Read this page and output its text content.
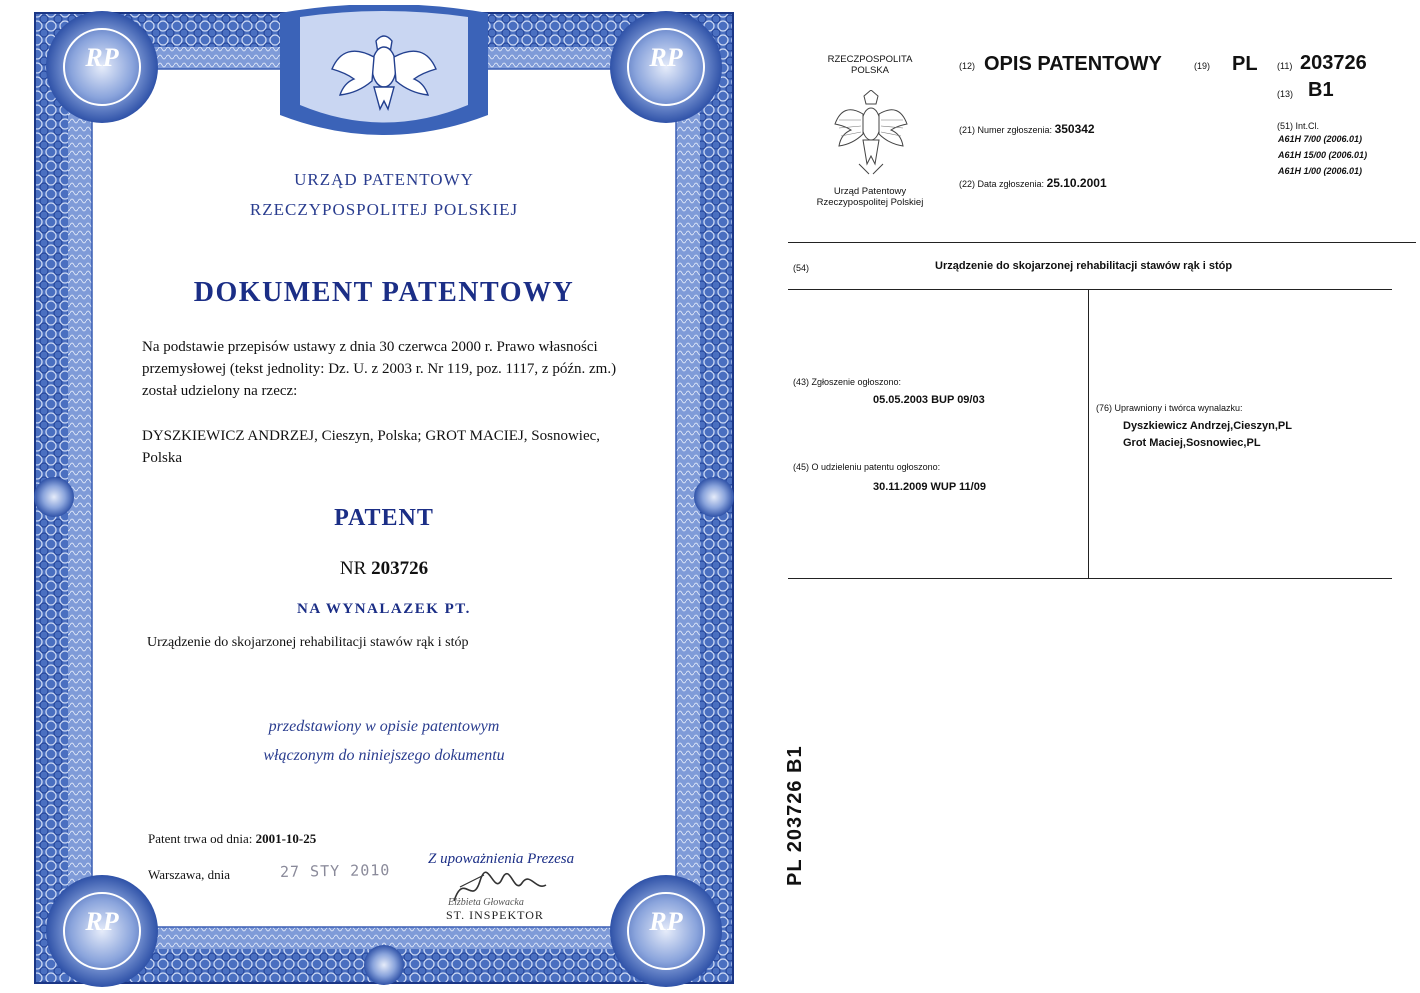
RP	RP
RP	RP
URZĄD PATENTOWY
RZECZYPOSPOLITEJ POLSKIEJ
DOKUMENT PATENTOWY
Na podstawie przepisów ustawy z dnia 30 czerwca 2000 r. Prawo własności przemysłowej (tekst jednolity: Dz. U. z 2003 r. Nr 119, poz. 1117, z późn. zm.) został udzielony na rzecz:
DYSZKIEWICZ ANDRZEJ, Cieszyn, Polska; GROT MACIEJ, Sosnowiec, Polska
PATENT
NR 203726
NA WYNALAZEK PT.
Urządzenie do skojarzonej rehabilitacji stawów rąk i stóp
przedstawiony w opisie patentowym
włączonym do niniejszego dokumentu
Patent trwa od dnia: 2001-10-25
Warszawa, dnia	27 STY 2010
Z upoważnienia Prezesa
Elżbieta Głowacka
ST. INSPEKTOR
RZECZPOSPOLITA
POLSKA
Urząd Patentowy
Rzeczypospolitej Polskiej
(12) OPIS PATENTOWY	(19) PL (11) 203726
(13) B1
(21) Numer zgłoszenia: 350342
(22) Data zgłoszenia: 25.10.2001
(51) Int.Cl.
A61H 7/00 (2006.01)
A61H 15/00 (2006.01)
A61H 1/00 (2006.01)
(54)	Urządzenie do skojarzonej rehabilitacji stawów rąk i stóp
(43) Zgłoszenie ogłoszono:
05.05.2003 BUP 09/03
(45) O udzieleniu patentu ogłoszono:
30.11.2009 WUP 11/09
(76) Uprawniony i twórca wynalazku:
Dyszkiewicz Andrzej,Cieszyn,PL
Grot Maciej,Sosnowiec,PL
PL 203726 B1
